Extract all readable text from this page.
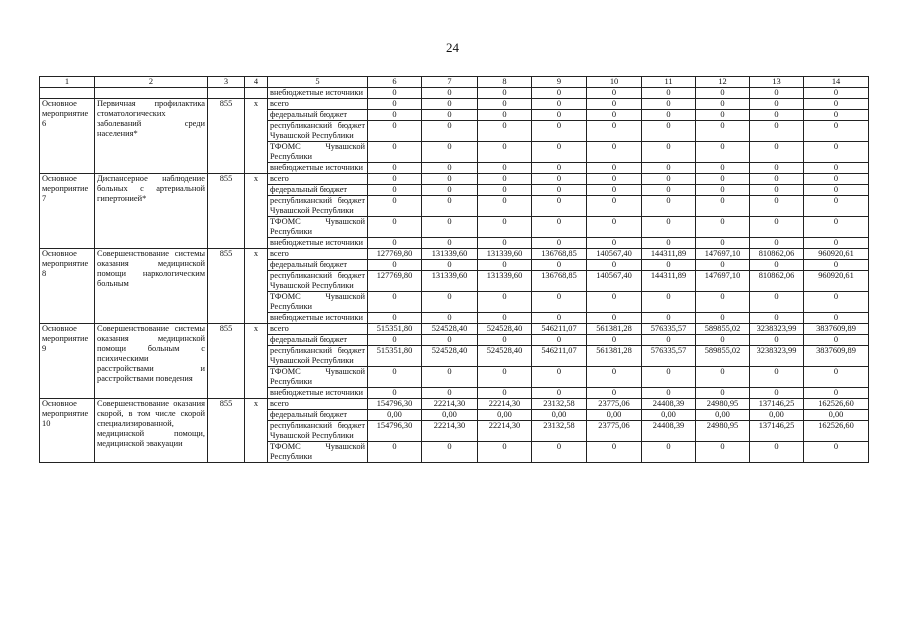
24
1	2	3	4	5	6	7	8	9	10	11	12	13	14
				внебюджетные источники	0	0	0	0	0	0	0	0	0
Основное мероприятие 6	Первичная профилактика стоматологических заболеваний среди населения*	855	x	всего	0	0	0	0	0	0	0	0	0
				федеральный бюджет	0	0	0	0	0	0	0	0	0
				республиканский бюджет Чувашской Республики	0	0	0	0	0	0	0	0	0
				ТФОМС Чувашской Республики	0	0	0	0	0	0	0	0	0
				внебюджетные источники	0	0	0	0	0	0	0	0	0
Основное мероприятие 7	Диспансерное наблюдение больных с артериальной гипертонией*	855	x	всего	0	0	0	0	0	0	0	0	0
				федеральный бюджет	0	0	0	0	0	0	0	0	0
				республиканский бюджет Чувашской Республики	0	0	0	0	0	0	0	0	0
				ТФОМС Чувашской Республики	0	0	0	0	0	0	0	0	0
				внебюджетные источники	0	0	0	0	0	0	0	0	0
Основное мероприятие 8	Совершенствование системы оказания медицинской помощи наркологическим больным	855	x	всего	127769,80	131339,60	131339,60	136768,85	140567,40	144311,89	147697,10	810862,06	960920,61
				федеральный бюджет	0	0	0	0	0	0	0	0	0
				республиканский бюджет Чувашской Республики	127769,80	131339,60	131339,60	136768,85	140567,40	144311,89	147697,10	810862,06	960920,61
				ТФОМС Чувашской Республики	0	0	0	0	0	0	0	0	0
				внебюджетные источники	0	0	0	0	0	0	0	0	0
Основное мероприятие 9	Совершенствование системы оказания медицинской помощи больным с психическими расстройствами и расстройствами поведения	855	x	всего	515351,80	524528,40	524528,40	546211,07	561381,28	576335,57	589855,02	3238323,99	3837609,89
				федеральный бюджет	0	0	0	0	0	0	0	0	0
				республиканский бюджет Чувашской Республики	515351,80	524528,40	524528,40	546211,07	561381,28	576335,57	589855,02	3238323,99	3837609,89
				ТФОМС Чувашской Республики	0	0	0	0	0	0	0	0	0
				внебюджетные источники	0	0	0	0	0	0	0	0	0
Основное мероприятие 10	Совершенствование оказания скорой, в том числе скорой специализированной, медицинской помощи, медицинской эвакуации	855	x	всего	154796,30	22214,30	22214,30	23132,58	23775,06	24408,39	24980,95	137146,25	162526,60
				федеральный бюджет	0,00	0,00	0,00	0,00	0,00	0,00	0,00	0,00	0,00
				республиканский бюджет Чувашской Республики	154796,30	22214,30	22214,30	23132,58	23775,06	24408,39	24980,95	137146,25	162526,60
				ТФОМС Чувашской Республики	0	0	0	0	0	0	0	0	0
